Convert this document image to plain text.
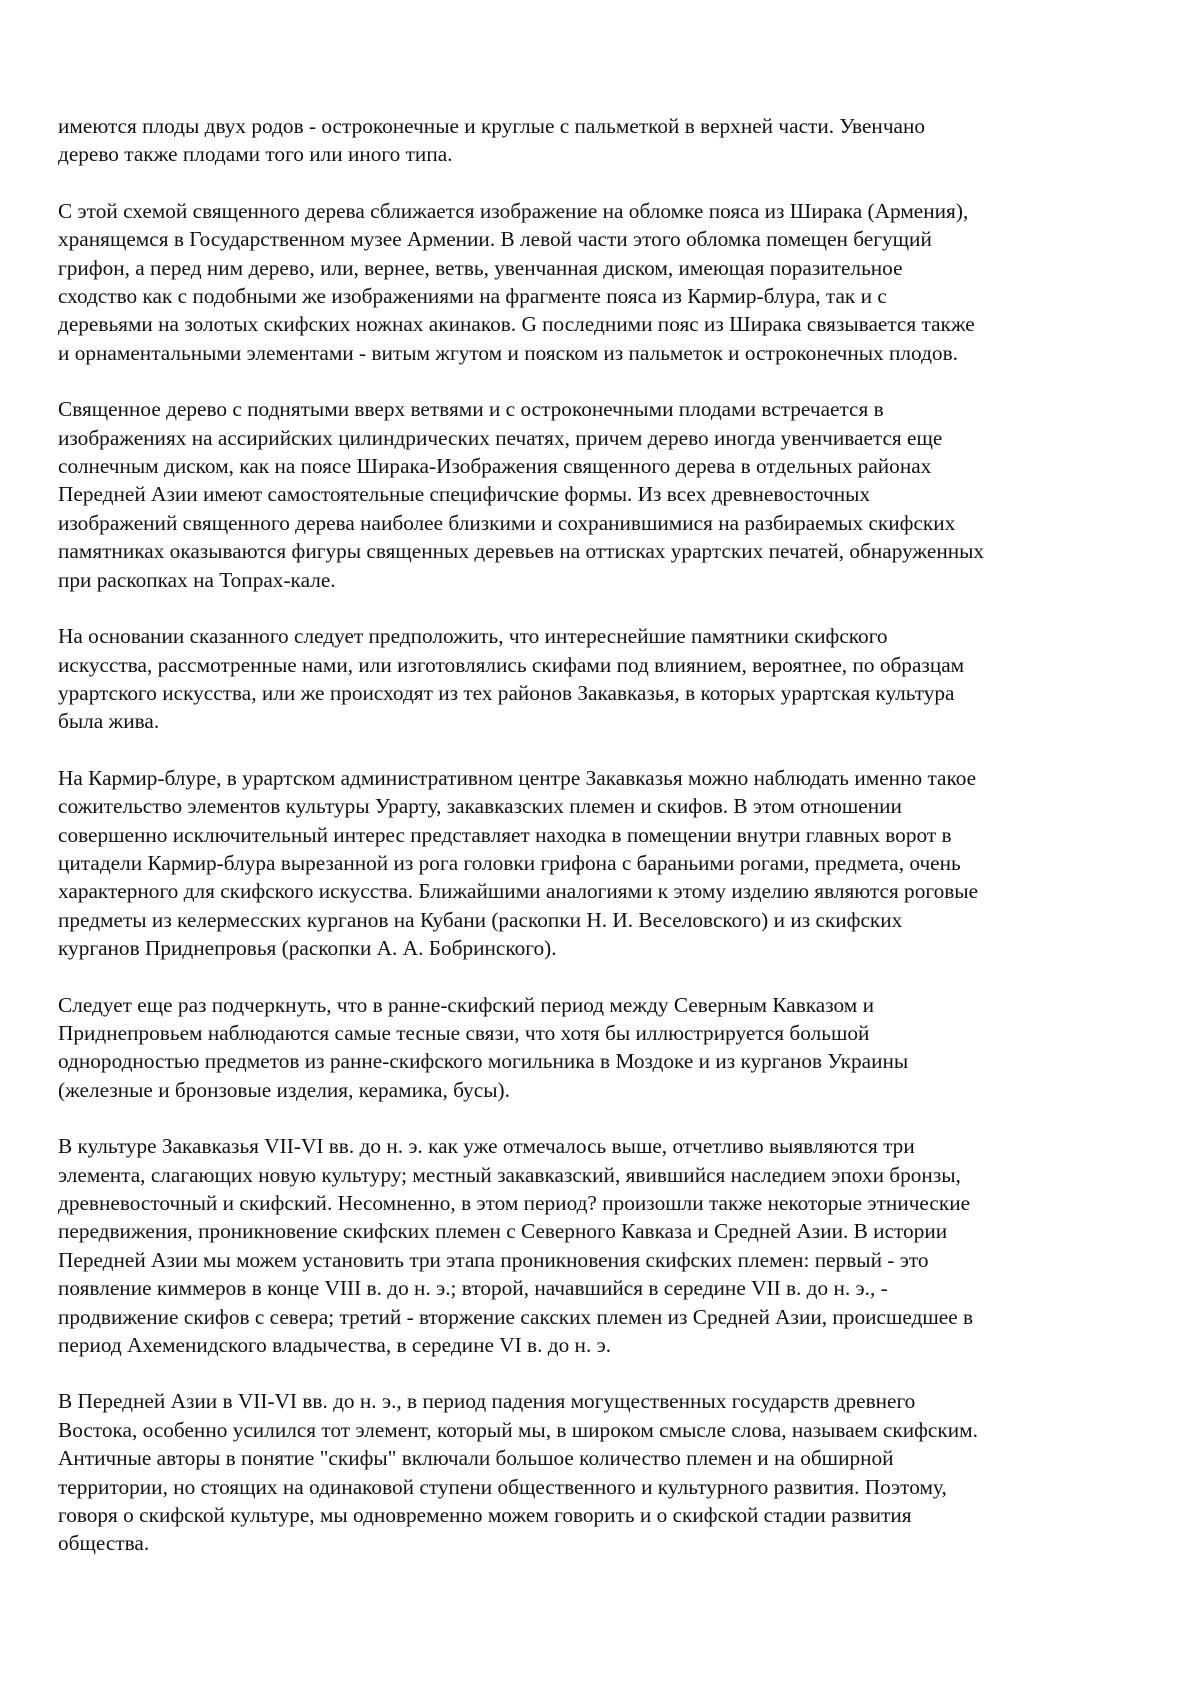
имеются плоды двух родов - остроконечные и круглые с пальметкой в верхней части. Увенчано
дерево также плодами того или иного типа.
С этой схемой священного дерева сближается изображение на обломке пояса из Ширака (Армения),
хранящемся в Государственном музее Армении. В левой части этого обломка помещен бегущий
грифон, а перед ним дерево, или, вернее, ветвь, увенчанная диском, имеющая поразительное
сходство как с подобными же изображениями на фрагменте пояса из Кармир-блура, так и с
деревьями на золотых скифских ножнах акинаков. G последними пояс из Ширака связывается также
и орнаментальными элементами - витым жгутом и пояском из пальметок и остроконечных плодов.
Священное дерево с поднятыми вверх ветвями и с остроконечными плодами встречается в
изображениях на ассирийских цилиндрических печатях, причем дерево иногда увенчивается еще
солнечным диском, как на поясе Ширака-Изображения священного дерева в отдельных районах
Передней Азии имеют самостоятельные специфичские формы. Из всех древневосточных
изображений священного дерева наиболее близкими и сохранившимися на разбираемых скифских
памятниках оказываются фигуры священных деревьев на оттисках урартских печатей, обнаруженных
при раскопках на Топрах-кале.
На основании сказанного следует предположить, что интереснейшие памятники скифского
искусства, рассмотренные нами, или изготовлялись скифами под влиянием, вероятнее, по образцам
урартского искусства, или же происходят из тех районов Закавказья, в которых урартская культура
была жива.
На Кармир-блуре, в урартском административном центре Закавказья можно наблюдать именно такое
сожительство элементов культуры Урарту, закавказских племен и скифов. В этом отношении
совершенно исключительный интерес представляет находка в помещении внутри главных ворот в
цитадели Кармир-блура вырезанной из рога головки грифона с бараньими рогами, предмета, очень
характерного для скифского искусства. Ближайшими аналогиями к этому изделию являются роговые
предметы из келермесских курганов на Кубани (раскопки Н. И. Веселовского) и из скифских
курганов Приднепровья (раскопки А. А. Бобринского).
Следует еще раз подчеркнуть, что в ранне-скифский период между Северным Кавказом и
Приднепровьем наблюдаются самые тесные связи, что хотя бы иллюстрируется большой
однородностью предметов из ранне-скифского могильника в Моздоке и из курганов Украины
(железные и бронзовые изделия, керамика, бусы).
В культуре Закавказья VII-VI вв. до н. э. как уже отмечалось выше, отчетливо выявляются три
элемента, слагающих новую культуру; местный закавказский, явившийся наследием эпохи бронзы,
древневосточный и скифский. Несомненно, в этом период? произошли также некоторые этнические
передвижения, проникновение скифских племен с Северного Кавказа и Средней Азии. В истории
Передней Азии мы можем установить три этапа проникновения скифских племен: первый - это
появление киммеров в конце VIII в. до н. э.; второй, начавшийся в середине VII в. до н. э., -
продвижение скифов с севера; третий - вторжение сакских племен из Средней Азии, происшедшее в
период Ахеменидского владычества, в середине VI в. до н. э.
В Передней Азии в VII-VI вв. до н. э., в период падения могущественных государств древнего
Востока, особенно усилился тот элемент, который мы, в широком смысле слова, называем скифским.
Античные авторы в понятие "скифы" включали большое количество племен и на обширной
территории, но стоящих на одинаковой ступени общественного и культурного развития. Поэтому,
говоря о скифской культуре, мы одновременно можем говорить и о скифской стадии развития
общества.
